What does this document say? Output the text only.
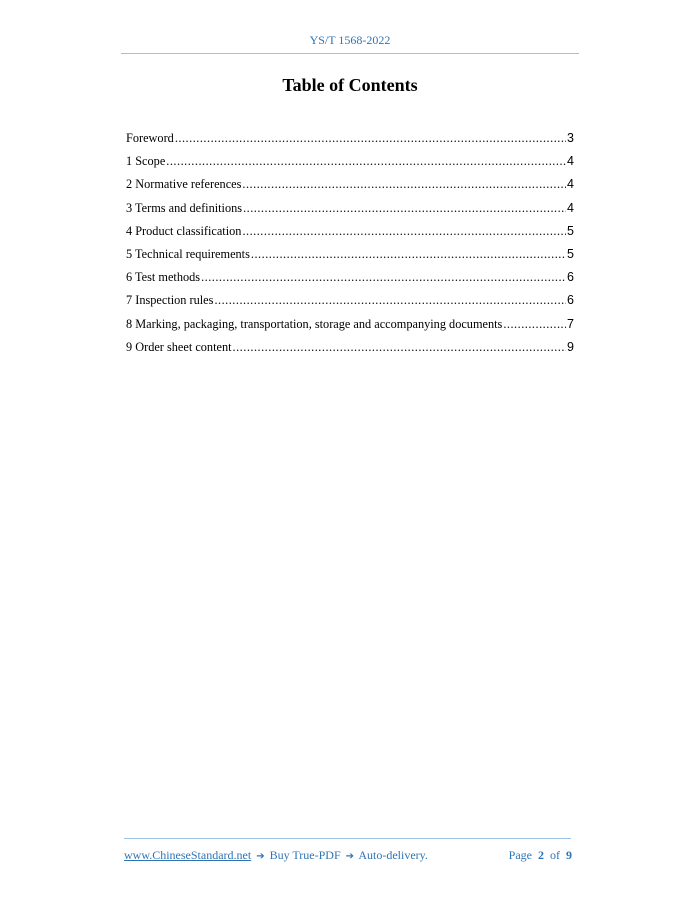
YS/T 1568-2022
Table of Contents
Foreword .....	3
1 Scope .....	4
2 Normative references .....	4
3 Terms and definitions .....	4
4 Product classification .....	5
5 Technical requirements .....	5
6 Test methods .....	6
7 Inspection rules .....	6
8 Marking, packaging, transportation, storage and accompanying documents .....	7
9 Order sheet content .....	9
www.ChineseStandard.net ➔ Buy True-PDF ➔ Auto-delivery.	Page 2 of 9
